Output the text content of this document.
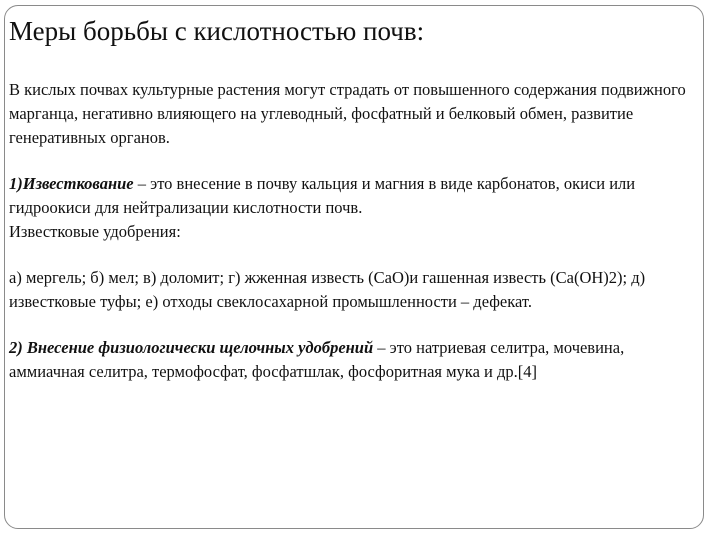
Меры борьбы с кислотностью почв:

В кислых почвах культурные растения могут страдать от повышенного содержания подвижного марганца, негативно влияющего на углеводный, фосфатный и белковый обмен, развитие генеративных органов.

1)Известкование – это внесение в почву кальция и магния в виде карбонатов, окиси или гидроокиси для нейтрализации кислотности почв.
Известковые удобрения:

а) мергель; б) мел; в) доломит; г) жженная известь (СаО)и гашенная известь (Са(ОН)2); д) известковые туфы; е) отходы свеклосахарной промышленности – дефекат.

2) Внесение физиологически щелочных удобрений – это натриевая селитра, мочевина, аммиачная селитра, термофосфат, фосфатшлак, фосфоритная мука и др.[4]
